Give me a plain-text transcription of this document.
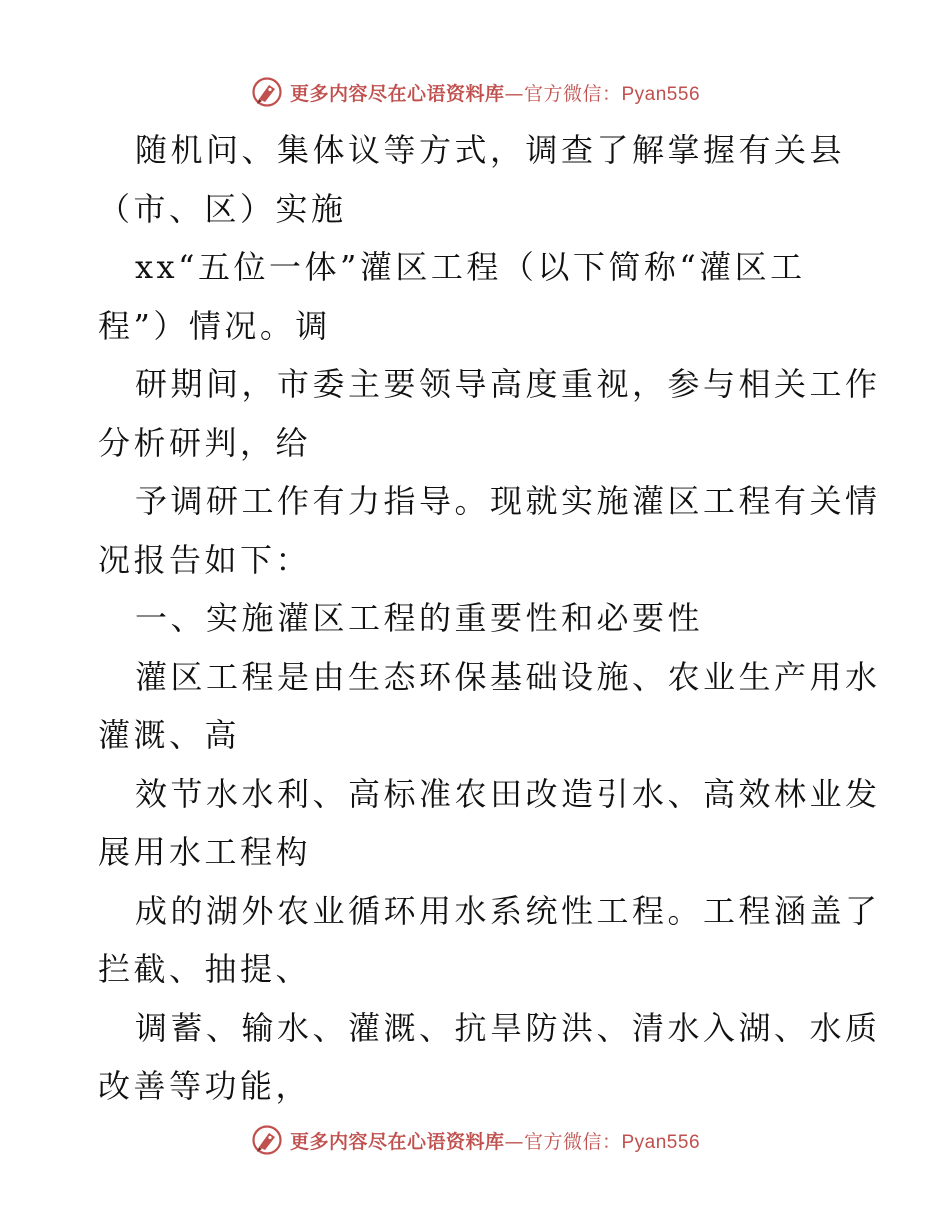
更多内容尽在心语资料库—官方微信：Pyan556
随机问、集体议等方式，调查了解掌握有关县
（市、区）实施
xx“五位一体”灌区工程（以下简称“灌区工
程”）情况。调
研期间，市委主要领导高度重视，参与相关工作
分析研判，给
予调研工作有力指导。现就实施灌区工程有关情
况报告如下：
一、实施灌区工程的重要性和必要性
灌区工程是由生态环保基础设施、农业生产用水
灌溉、高
效节水水利、高标准农田改造引水、高效林业发
展用水工程构
成的湖外农业循环用水系统性工程。工程涵盖了
拦截、抽提、
调蓄、输水、灌溉、抗旱防洪、清水入湖、水质
改善等功能，
更多内容尽在心语资料库—官方微信：Pyan556
